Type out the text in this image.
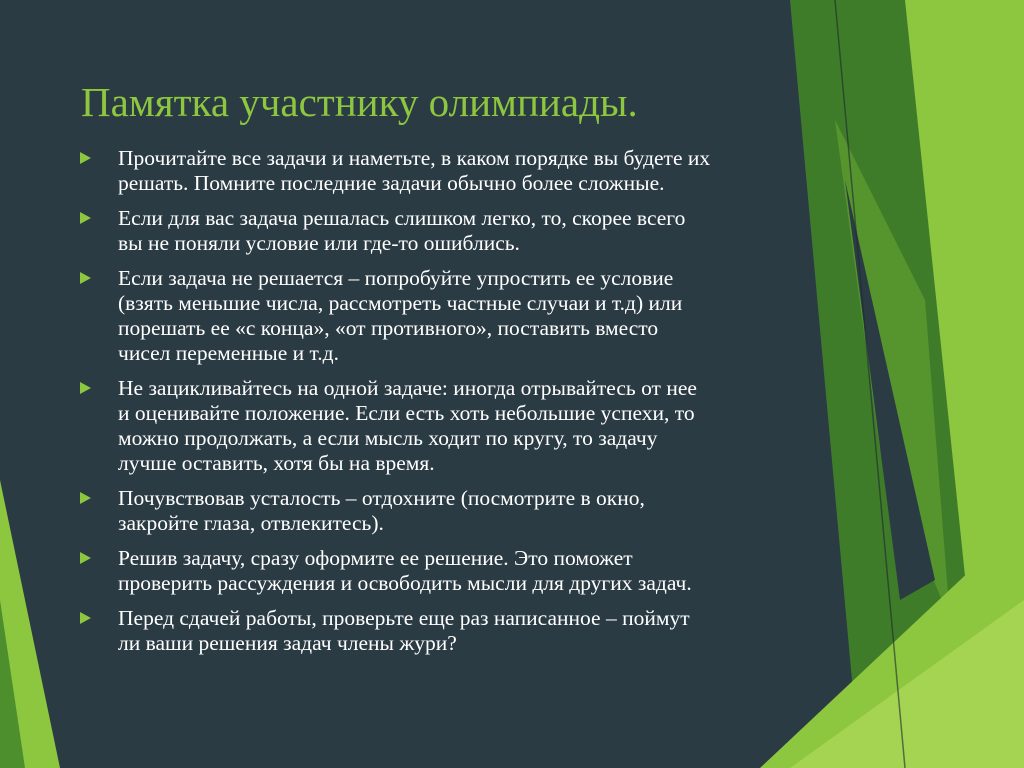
Памятка участнику олимпиады.
Прочитайте все задачи и наметьте, в каком порядке вы будете их
решать. Помните последние задачи обычно более сложные.
Если для вас задача решалась слишком легко, то, скорее всего
вы не поняли условие или где-то ошиблись.
Если задача не решается – попробуйте упростить ее условие
(взять меньшие числа, рассмотреть частные случаи и т.д) или
порешать ее «с конца», «от противного», поставить вместо
чисел переменные и т.д.
Не зацикливайтесь на одной задаче: иногда отрывайтесь от нее
и оценивайте положение. Если есть хоть небольшие успехи, то
можно продолжать, а если мысль ходит по кругу, то задачу
лучше оставить, хотя бы на время.
Почувствовав усталость – отдохните (посмотрите в окно,
закройте глаза, отвлекитесь).
Решив задачу, сразу оформите ее решение. Это поможет
проверить рассуждения и освободить мысли для других задач.
Перед сдачей работы, проверьте еще раз написанное – поймут
ли ваши решения задач члены жури?
